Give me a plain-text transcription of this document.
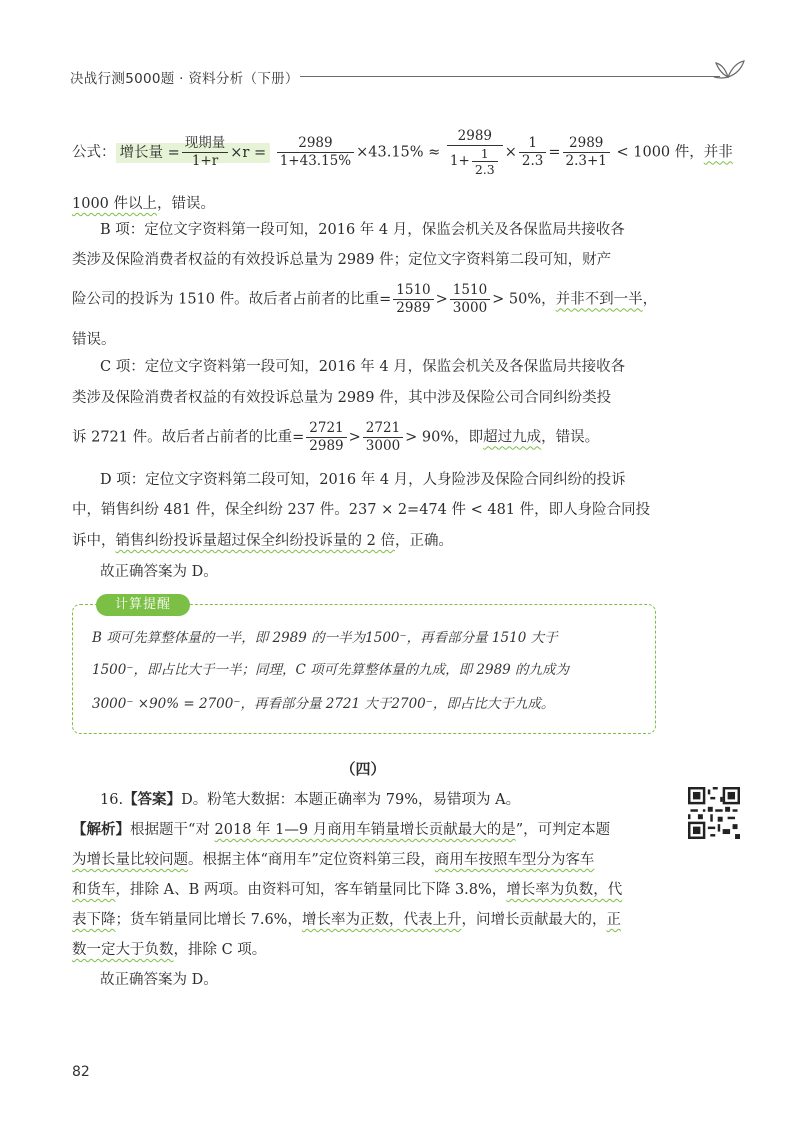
决战行测5000题 · 资料分析（下册）
公式： 增长量 = $\frac{\text{现期量}}{1+r} \times r = \frac{2989}{1+43.15\%} \times 43.15\% \approx \frac{2989}{1+ \frac{1}{2.3}} \times \frac{1}{2.3} = \frac{2989}{2.3+1} < 1000$ 件，并非
1000 件以上，错误。
B 项：定位文字资料第一段可知，2016 年 4 月，保监会机关及各保监局共接收各
类涉及保险消费者权益的有效投诉总量为 2989 件；定位文字资料第二段可知，财产
险公司的投诉为 1510 件。故后者占前者的比重= $\frac{1510}{2989} > \frac{1510}{3000} > 50\%$，并非不到一半，
错误。
C 项：定位文字资料第一段可知，2016 年 4 月，保监会机关及各保监局共接收各
类涉及保险消费者权益的有效投诉总量为 2989 件，其中涉及保险公司合同纠纷类投
诉 2721 件。故后者占前者的比重= $\frac{2721}{2989} > \frac{2721}{3000} > 90\%$，即超过九成，错误。
D 项：定位文字资料第二段可知，2016 年 4 月，人身险涉及保险合同纠纷的投诉
中，销售纠纷 481 件，保全纠纷 237 件。237 × 2=474 件 < 481 件，即人身险合同投
诉中，销售纠纷投诉量超过保全纠纷投诉量的 2 倍，正确。
故正确答案为 D。
计算提醒
B 项可先算整体量的一半，即 2989 的一半为1500⁻，再看部分量 1510 大于
1500⁻，即占比大于一半；同理，C 项可先算整体量的九成，即 2989 的九成为
3000⁻ ×90% = 2700⁻，再看部分量 2721 大于2700⁻，即占比大于九成。
（四）
16.【答案】D。粉笔大数据：本题正确率为 79%，易错项为 A。
【解析】根据题干“对 2018 年 1—9 月商用车销量增长贡献最大的是”，可判定本题
为增长量比较问题。根据主体“商用车”定位资料第三段，商用车按照车型分为客车
和货车，排除 A、B 两项。由资料可知，客车销量同比下降 3.8%，增长率为负数，代
表下降；货车销量同比增长 7.6%，增长率为正数，代表上升，问增长贡献最大的，正
数一定大于负数，排除 C 项。
故正确答案为 D。
82
